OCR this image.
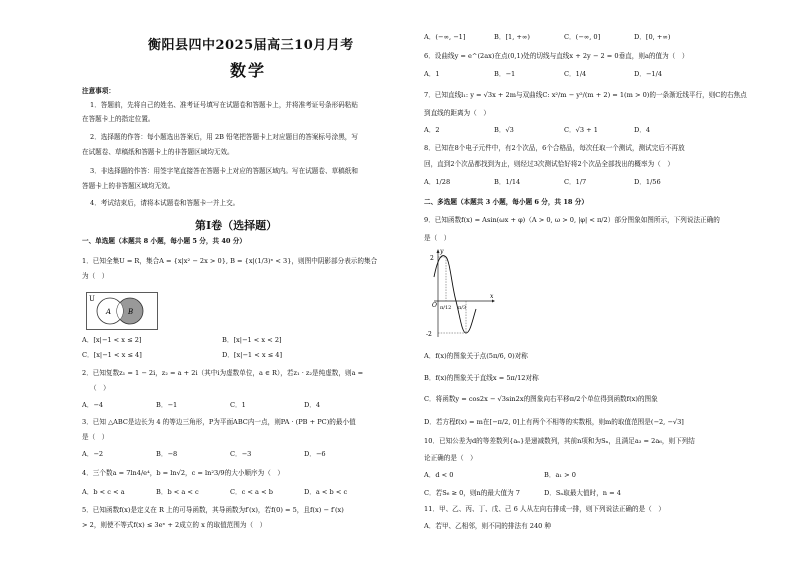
衡阳县四中2025届高三10月月考
数学
注意事项：
1．答题前，先将自己的姓名、准考证号填写在试题卷和答题卡上，并将准考证号条形码粘贴
在答题卡上的指定位置。
2．选择题的作答：每小题选出答案后，用 2B 铅笔把答题卡上对应题目的答案标号涂黑，写
在试题卷、草稿纸和答题卡上的非答题区域均无效。
3．非选择题的作答：用签字笔直接答在答题卡上对应的答题区域内。写在试题卷、草稿纸和
答题卡上的非答题区域均无效。
4．考试结束后，请将本试题卷和答题卡一并上交。
第Ⅰ卷（选择题）
一、单选题（本题共 8 小题，每小题 5 分，共 40 分）
1．已知全集U = R，集合A = {x|x² − 2x > 0}, B = {x|(1/3)ˣ < 3}，则图中阴影部分表示的集合
为（　）
U
A B
A．[x|−1 < x ≤ 2]	B．[x|−1 < x < 2]
C．[x|−1 < x ≤ 4]	D．[x|−1 < x ≤ 4]
2．已知复数z₁ = 1 − 2i，z₂ = a + 2i（其中i为虚数单位，a ∈ R），若z₁ · z₂是纯虚数，则a =
（　）
A．−4	B．−1	C．1	D．4
3．已知 △ABC是边长为 4 的等边三角形，P为平面ABC内一点，则PA · (PB + PC)的最小值
是（　）
A．−2	B．−8	C．−3	D．−6
4．三个数a = 7ln4/e⁴，b = ln√2，c = ln²3/9的大小顺序为（　）
A．b < c < a	B．b < a < c	C．c < a < b	D．a < b < c
5．已知函数f(x)是定义在 R 上的可导函数，其导函数为f′(x)，若f(0) = 5，且f(x) − f′(x)
> 2，则使不等式f(x) ≤ 3eˣ + 2成立的 x 的取值范围为（　）
A．(−∞, −1]	B．[1, +∞)	C．(−∞, 0]	D．[0, +∞)
6．设曲线y = e^(2ax)在点(0,1)处的切线与直线x + 2y − 2 = 0垂直，则a的值为（　）
A．1	B．−1	C．1/4	D．−1/4
7．已知直线l₁: y = √3x + 2m与双曲线C: x²/m − y²/(m + 2) = 1(m > 0)的一条渐近线平行，则C的右焦点
到直线的距离为（　）
A．2	B．√3	C．√3 + 1	D．4
8．已知在8个电子元件中，有2个次品，6个合格品，每次任取一个测试，测试完后不再放
回，直到2个次品都找到为止，则经过3次测试恰好将2个次品全部找出的概率为（　）
A．1/28	B．1/14	C．1/7	D．1/56
二、多选题（本题共 3 小题，每小题 6 分，共 18 分）
9．已知函数f(x) = Asin(ωx + φ)（A > 0, ω > 0, |φ| < π/2）部分图象如图所示，下列说法正确的
是（　）
2
-2
O
x
y
π/12 π/3
A．f(x)的图象关于点(5π/6, 0)对称
B．f(x)的图象关于直线x = 5π/12对称
C．将函数y = cos2x − √3sin2x的图象向右平移π/2个单位得到函数f(x)的图象
D．若方程f(x) = m在[−π/2, 0]上有两个不相等的实数根，则m的取值范围是(−2, −√3]
10．已知公差为d的等差数列{aₙ}是递减数列，其前n项和为Sₙ，且满足a₃ = 2a₆，则下列结
论正确的是（　）
A．d < 0	B．a₁ > 0
C．若S₆ ≥ 0，则n的最大值为 7	D．Sₙ取最大值时，n = 4
11．甲、乙、丙、丁、戊、己 6 人从左向右排成一排，则下列说法正确的是（　）
A．若甲、乙相邻，则不同的排法有 240 种
